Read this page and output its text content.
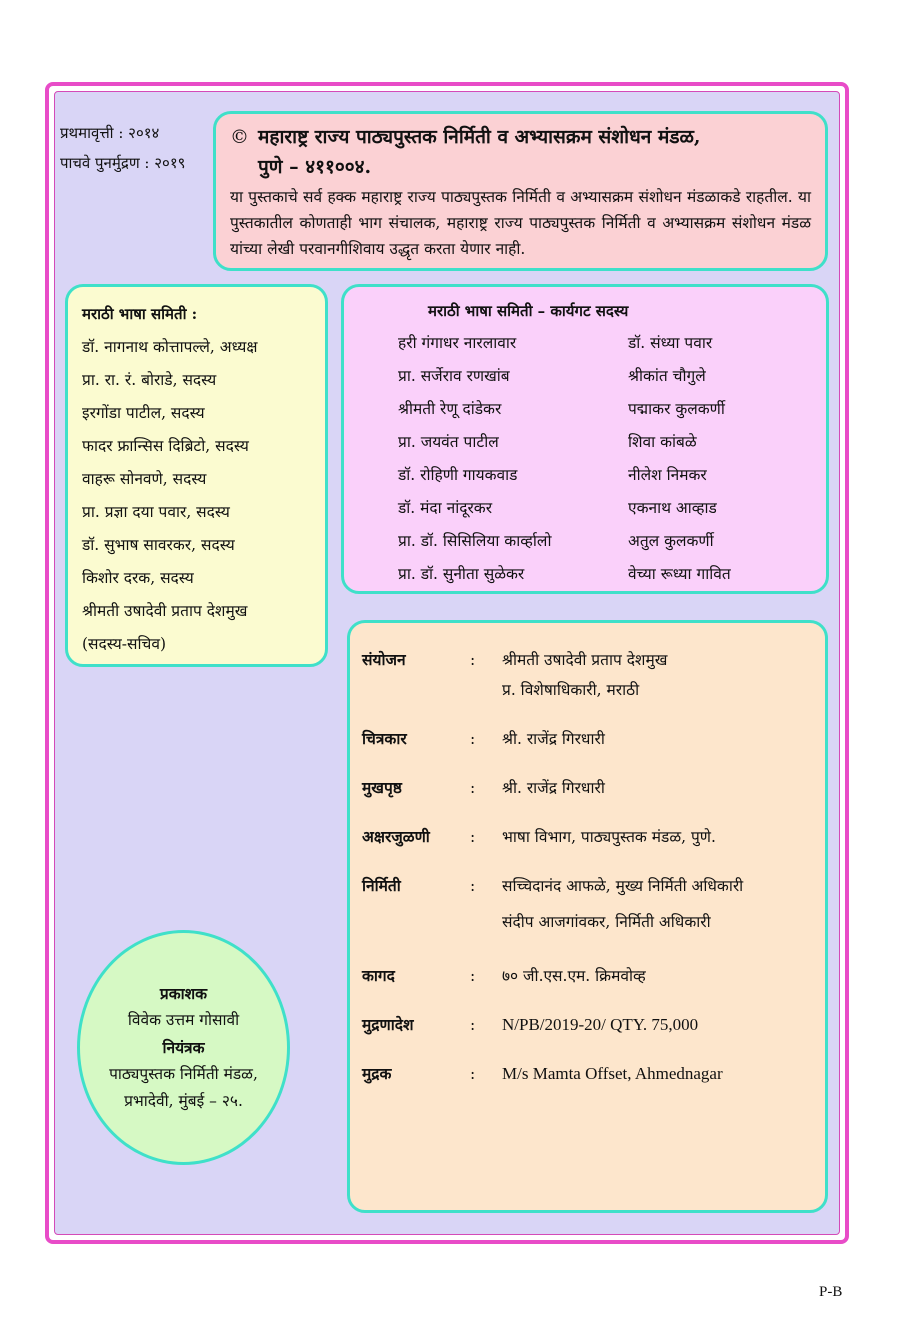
प्रथमावृत्ती : २०१४
पाचवे पुनर्मुद्रण : २०१९
© महाराष्ट्र राज्य पाठ्यपुस्तक निर्मिती व अभ्यासक्रम संशोधन मंडळ,
पुणे – ४११००४.

या पुस्तकाचे सर्व हक्क महाराष्ट्र राज्य पाठ्यपुस्तक निर्मिती व अभ्यासक्रम संशोधन मंडळाकडे राहतील. या पुस्तकातील कोणताही भाग संचालक, महाराष्ट्र राज्य पाठ्यपुस्तक निर्मिती व अभ्यासक्रम संशोधन मंडळ यांच्या लेखी परवानगीशिवाय उद्धृत करता येणार नाही.

मराठी भाषा समिती :
डॉ. नागनाथ कोत्तापल्ले, अध्यक्ष
प्रा. रा. रं. बोराडे, सदस्य
इरगोंडा पाटील, सदस्य
फादर फ्रान्सिस दिब्रिटो, सदस्य
वाहरू सोनवणे, सदस्य
प्रा. प्रज्ञा दया पवार, सदस्य
डॉ. सुभाष सावरकर, सदस्य
किशोर दरक, सदस्य
श्रीमती उषादेवी प्रताप देशमुख
(सदस्य-सचिव)
मराठी भाषा समिती – कार्यगट सदस्य
हरी गंगाधर नारलावार	डॉ. संध्या पवार
प्रा. सर्जेराव रणखांब	श्रीकांत चौगुले
श्रीमती रेणू दांडेकर	पद्माकर कुलकर्णी
प्रा. जयवंत पाटील	शिवा कांबळे
डॉ. रोहिणी गायकवाड	नीलेश निमकर
डॉ. मंदा नांदूरकर	एकनाथ आव्हाड
प्रा. डॉ. सिसिलिया कार्व्हालो	अतुल कुलकर्णी
प्रा. डॉ. सुनीता सुळेकर	वेच्या रूध्या गावित
संयोजन	:	श्रीमती उषादेवी प्रताप देशमुख
प्र. विशेषाधिकारी, मराठी
चित्रकार	:	श्री. राजेंद्र गिरधारी
मुखपृष्ठ	:	श्री. राजेंद्र गिरधारी
अक्षरजुळणी	:	भाषा विभाग, पाठ्यपुस्तक मंडळ, पुणे.
निर्मिती	:	सच्चिदानंद आफळे, मुख्य निर्मिती अधिकारी
संदीप आजगांवकर, निर्मिती अधिकारी
कागद	:	७० जी.एस.एम. क्रिमवोव्ह
मुद्रणादेश	:	N/PB/2019-20/ QTY. 75,000
मुद्रक	:	M/s Mamta Offset, Ahmednagar
प्रकाशक
विवेक उत्तम गोसावी
नियंत्रक
पाठ्यपुस्तक निर्मिती मंडळ,
प्रभादेवी, मुंबई – २५.
P-B
